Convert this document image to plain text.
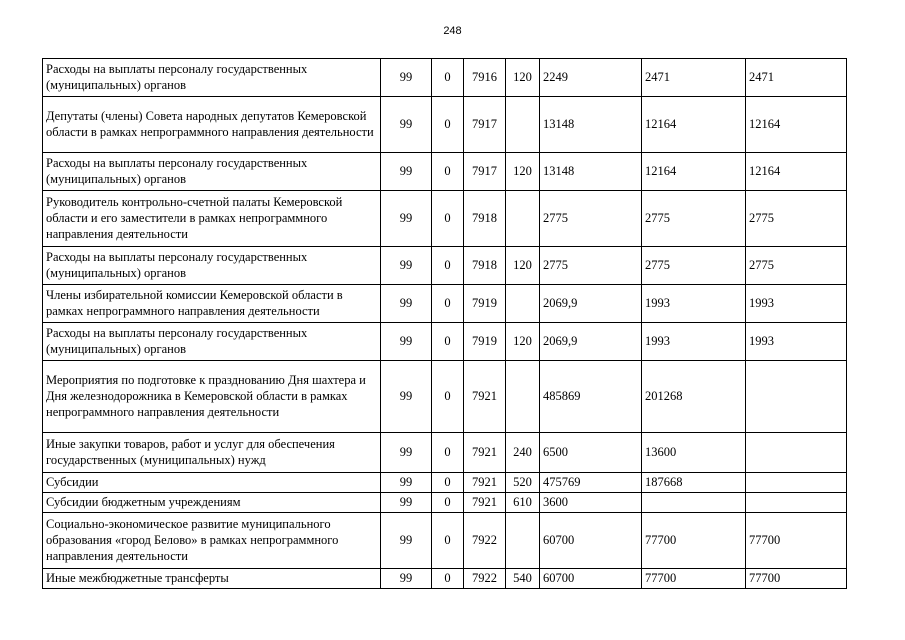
248
Расходы на выплаты персоналу государственных (муниципальных) органов	99	0	7916	120	2249	2471	2471
Депутаты (члены) Совета народных депутатов Кемеровской области в рамках непрограммного направления деятельности	99	0	7917		13148	12164	12164
Расходы на выплаты персоналу государственных (муниципальных) органов	99	0	7917	120	13148	12164	12164
Руководитель контрольно-счетной палаты Кемеровской области и его заместители в рамках непрограммного направления деятельности	99	0	7918		2775	2775	2775
Расходы на выплаты персоналу государственных (муниципальных) органов	99	0	7918	120	2775	2775	2775
Члены избирательной комиссии Кемеровской области в рамках непрограммного направления деятельности	99	0	7919		2069,9	1993	1993
Расходы на выплаты персоналу государственных (муниципальных) органов	99	0	7919	120	2069,9	1993	1993
Мероприятия по подготовке к празднованию Дня шахтера и Дня железнодорожника в Кемеровской области в рамках непрограммного направления деятельности	99	0	7921		485869	201268	
Иные закупки товаров, работ и услуг для обеспечения государственных (муниципальных) нужд	99	0	7921	240	6500	13600	
Субсидии	99	0	7921	520	475769	187668	
Субсидии бюджетным учреждениям	99	0	7921	610	3600		
Социально-экономическое развитие муниципального образования «город Белово» в рамках непрограммного направления деятельности	99	0	7922		60700	77700	77700
Иные межбюджетные трансферты	99	0	7922	540	60700	77700	77700
